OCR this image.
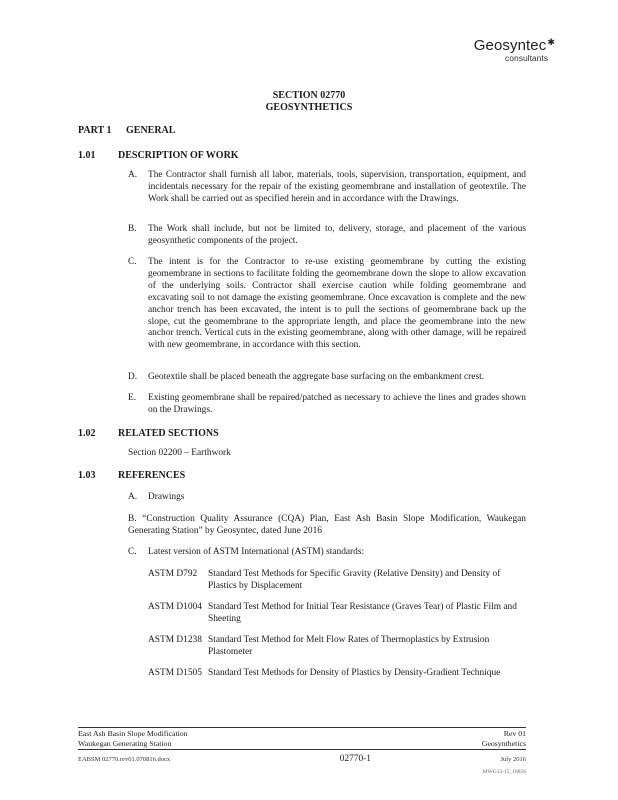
Geosyntec✱
consultants
SECTION 02770
GEOSYNTHETICS
PART 1 GENERAL
1.01 DESCRIPTION OF WORK
A. The Contractor shall furnish all labor, materials, tools, supervision, transportation, equipment, and incidentals necessary for the repair of the existing geomembrane and installation of geotextile. The Work shall be carried out as specified herein and in accordance with the Drawings.
B. The Work shall include, but not be limited to, delivery, storage, and placement of the various geosynthetic components of the project.
C. The intent is for the Contractor to re-use existing geomembrane by cutting the existing geomembrane in sections to facilitate folding the geomembrane down the slope to allow excavation of the underlying soils. Contractor shall exercise caution while folding geomembrane and excavating soil to not damage the existing geomembrane. Once excavation is complete and the new anchor trench has been excavated, the intent is to pull the sections of geomembrane back up the slope, cut the geomembrane to the appropriate length, and place the geomembrane into the new anchor trench. Vertical cuts in the existing geomembrane, along with other damage, will be repaired with new geomembrane, in accordance with this section.
D. Geotextile shall be placed beneath the aggregate base surfacing on the embankment crest.
E. Existing geomembrane shall be repaired/patched as necessary to achieve the lines and grades shown on the Drawings.
1.02 RELATED SECTIONS
Section 02200 – Earthwork
1.03 REFERENCES
A. Drawings
B. “Construction Quality Assurance (CQA) Plan, East Ash Basin Slope Modification, Waukegan Generating Station” by Geosyntec, dated June 2016
C. Latest version of ASTM International (ASTM) standards:
ASTM D792 Standard Test Methods for Specific Gravity (Relative Density) and Density of Plastics by Displacement
ASTM D1004 Standard Test Method for Initial Tear Resistance (Graves Tear) of Plastic Film and Sheeting
ASTM D1238 Standard Test Method for Melt Flow Rates of Thermoplastics by Extrusion Plastometer
ASTM D1505 Standard Test Methods for Density of Plastics by Density-Gradient Technique
East Ash Basin Slope Modification	Rev 01
Waukegan Generating Station	Geosynthetics
EABSM 02770.rev01.070816.docx	02770-1	July 2016
MWG13-15_18856
